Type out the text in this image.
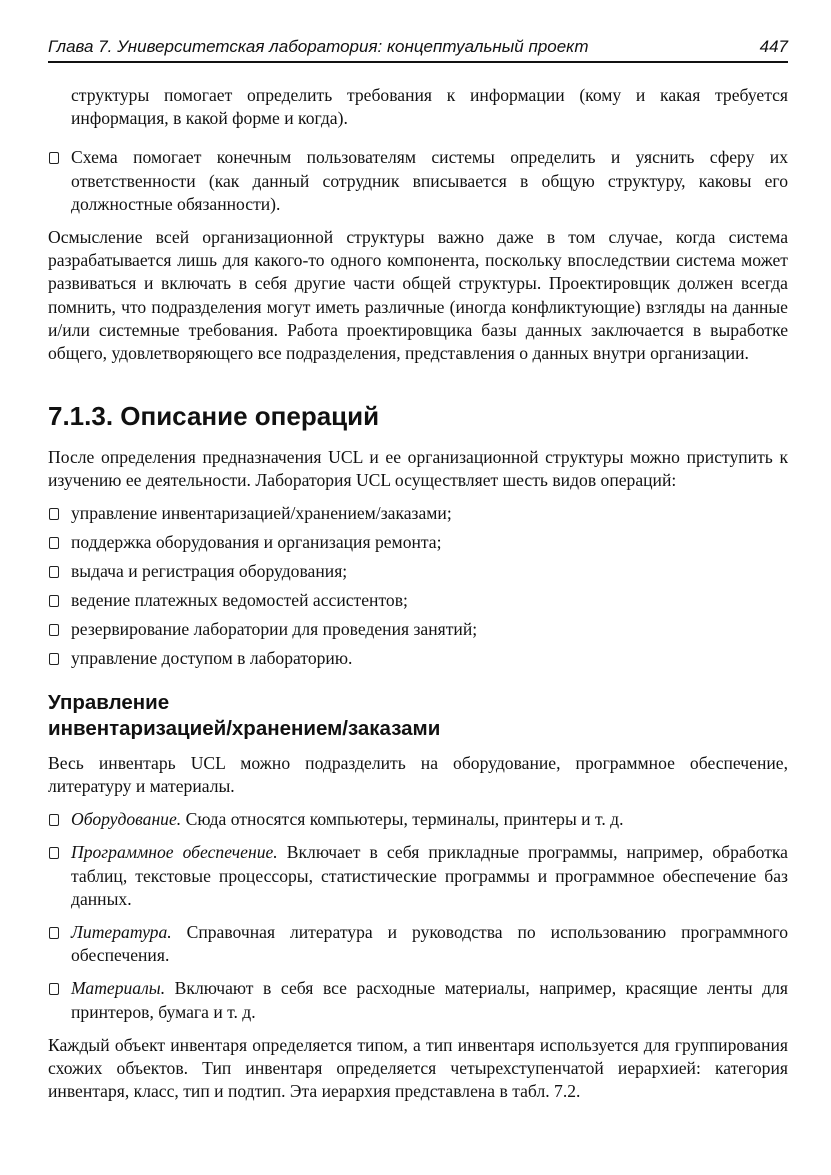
Глава 7. Университетская лаборатория: концептуальный проект	447

структуры помогает определить требования к информации (кому и какая требуется информация, в какой форме и когда).

Схема помогает конечным пользователям системы определить и уяснить сферу их ответственности (как данный сотрудник вписывается в общую структуру, каковы его должностные обязанности).

Осмысление всей организационной структуры важно даже в том случае, когда система разрабатывается лишь для какого-то одного компонента, поскольку впоследствии система может развиваться и включать в себя другие части общей структуры. Проектировщик должен всегда помнить, что подразделения могут иметь различные (иногда конфликтующие) взгляды на данные и/или системные требования. Работа проектировщика базы данных заключается в выработке общего, удовлетворяющего все подразделения, представления о данных внутри организации.

7.1.3. Описание операций

После определения предназначения UCL и ее организационной структуры можно приступить к изучению ее деятельности. Лаборатория UCL осуществляет шесть видов операций:

управление инвентаризацией/хранением/заказами;
поддержка оборудования и организация ремонта;
выдача и регистрация оборудования;
ведение платежных ведомостей ассистентов;
резервирование лаборатории для проведения занятий;
управление доступом в лабораторию.
Управление
инвентаризацией/хранением/заказами

Весь инвентарь UCL можно подразделить на оборудование, программное обеспечение, литературу и материалы.

Оборудование. Сюда относятся компьютеры, терминалы, принтеры и т. д.
Программное обеспечение. Включает в себя прикладные программы, например, обработка таблиц, текстовые процессоры, статистические программы и программное обеспечение баз данных.
Литература. Справочная литература и руководства по использованию программного обеспечения.
Материалы. Включают в себя все расходные материалы, например, красящие ленты для принтеров, бумага и т. д.

Каждый объект инвентаря определяется типом, а тип инвентаря используется для группирования схожих объектов. Тип инвентаря определяется четырехступенчатой иерархией: категория инвентаря, класс, тип и подтип. Эта иерархия представлена в табл. 7.2.
